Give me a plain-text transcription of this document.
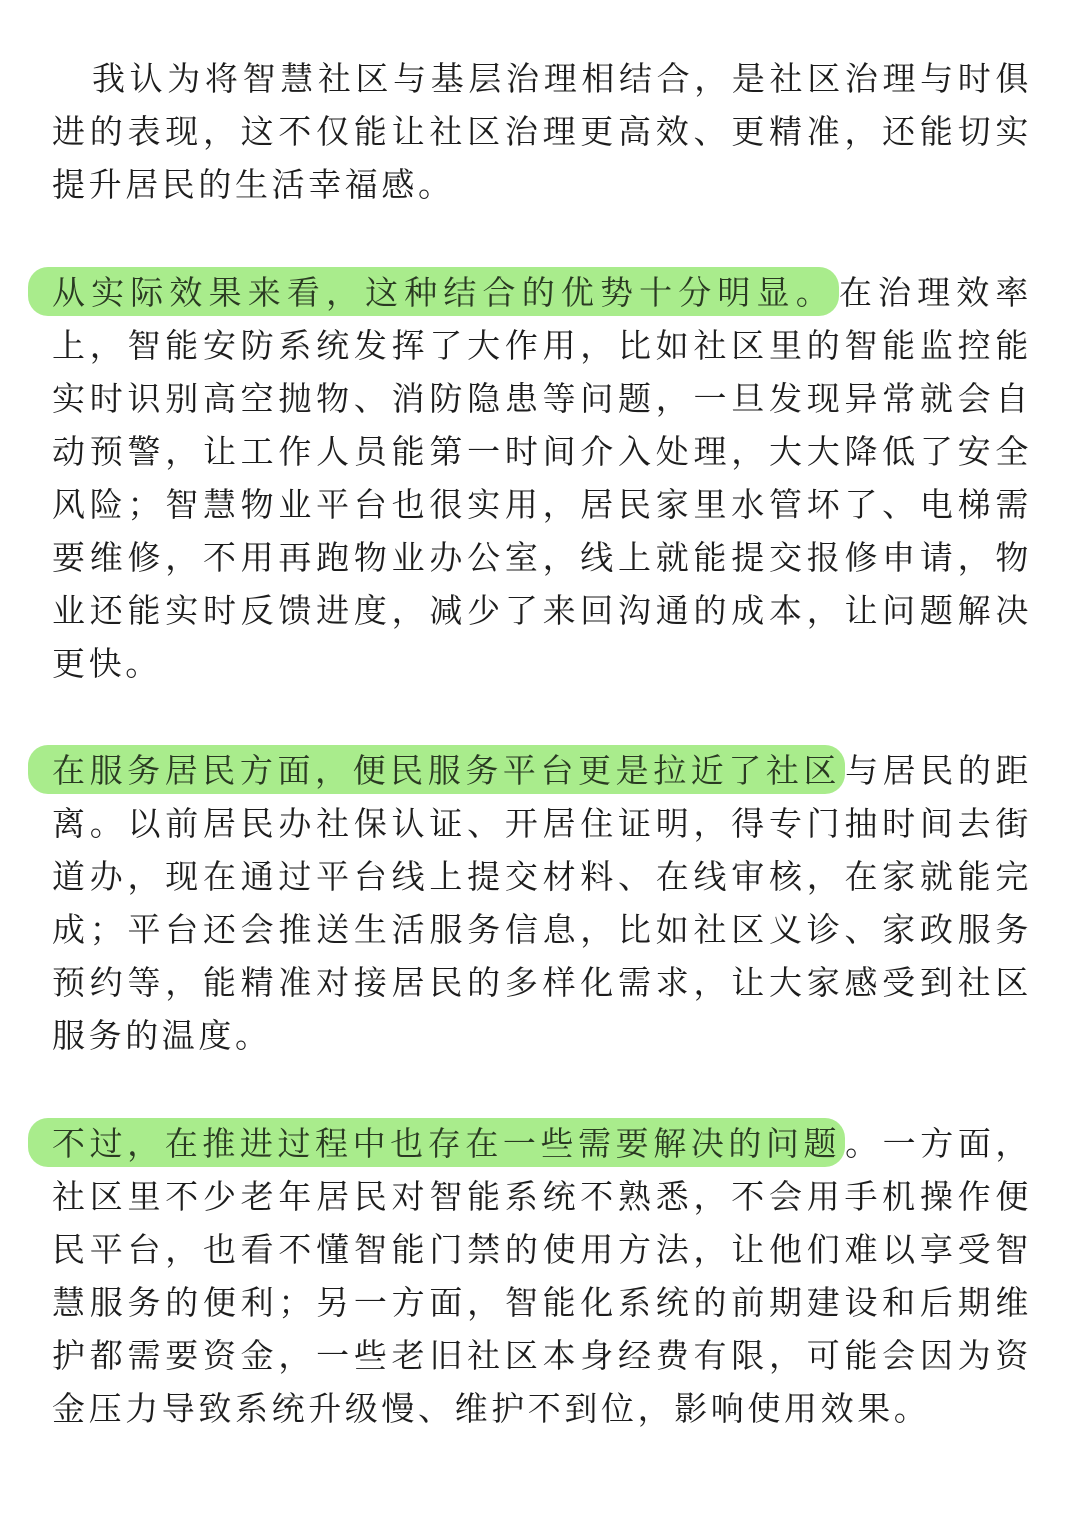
我认为将智慧社区与基层治理相结合，是社区治理与时俱进的表现，这不仅能让社区治理更高效、更精准，还能切实提升居民的生活幸福感。

从实际效果来看，这种结合的优势十分明显。 在治理效率上，智能安防系统发挥了大作用，比如社区里的智能监控能实时识别高空抛物、消防隐患等问题，一旦发现异常就会自动预警，让工作人员能第一时间介入处理，大大降低了安全风险；智慧物业平台也很实用，居民家里水管坏了、电梯需要维修，不用再跑物业办公室，线上就能提交报修申请，物业还能实时反馈进度，减少了来回沟通的成本，让问题解决更快。

在服务居民方面，便民服务平台更是拉近了社区 与居民的距离。以前居民办社保认证、开居住证明，得专门抽时间去街道办，现在通过平台线上提交材料、在线审核，在家就能完成；平台还会推送生活服务信息，比如社区义诊、家政服务预约等，能精准对接居民的多样化需求，让大家感受到社区服务的温度。

不过，在推进过程中也存在一些需要解决的问题 。一方面，社区里不少老年居民对智能系统不熟悉，不会用手机操作便民平台，也看不懂智能门禁的使用方法，让他们难以享受智慧服务的便利；另一方面，智能化系统的前期建设和后期维护都需要资金，一些老旧社区本身经费有限，可能会因为资金压力导致系统升级慢、维护不到位，影响使用效果。
